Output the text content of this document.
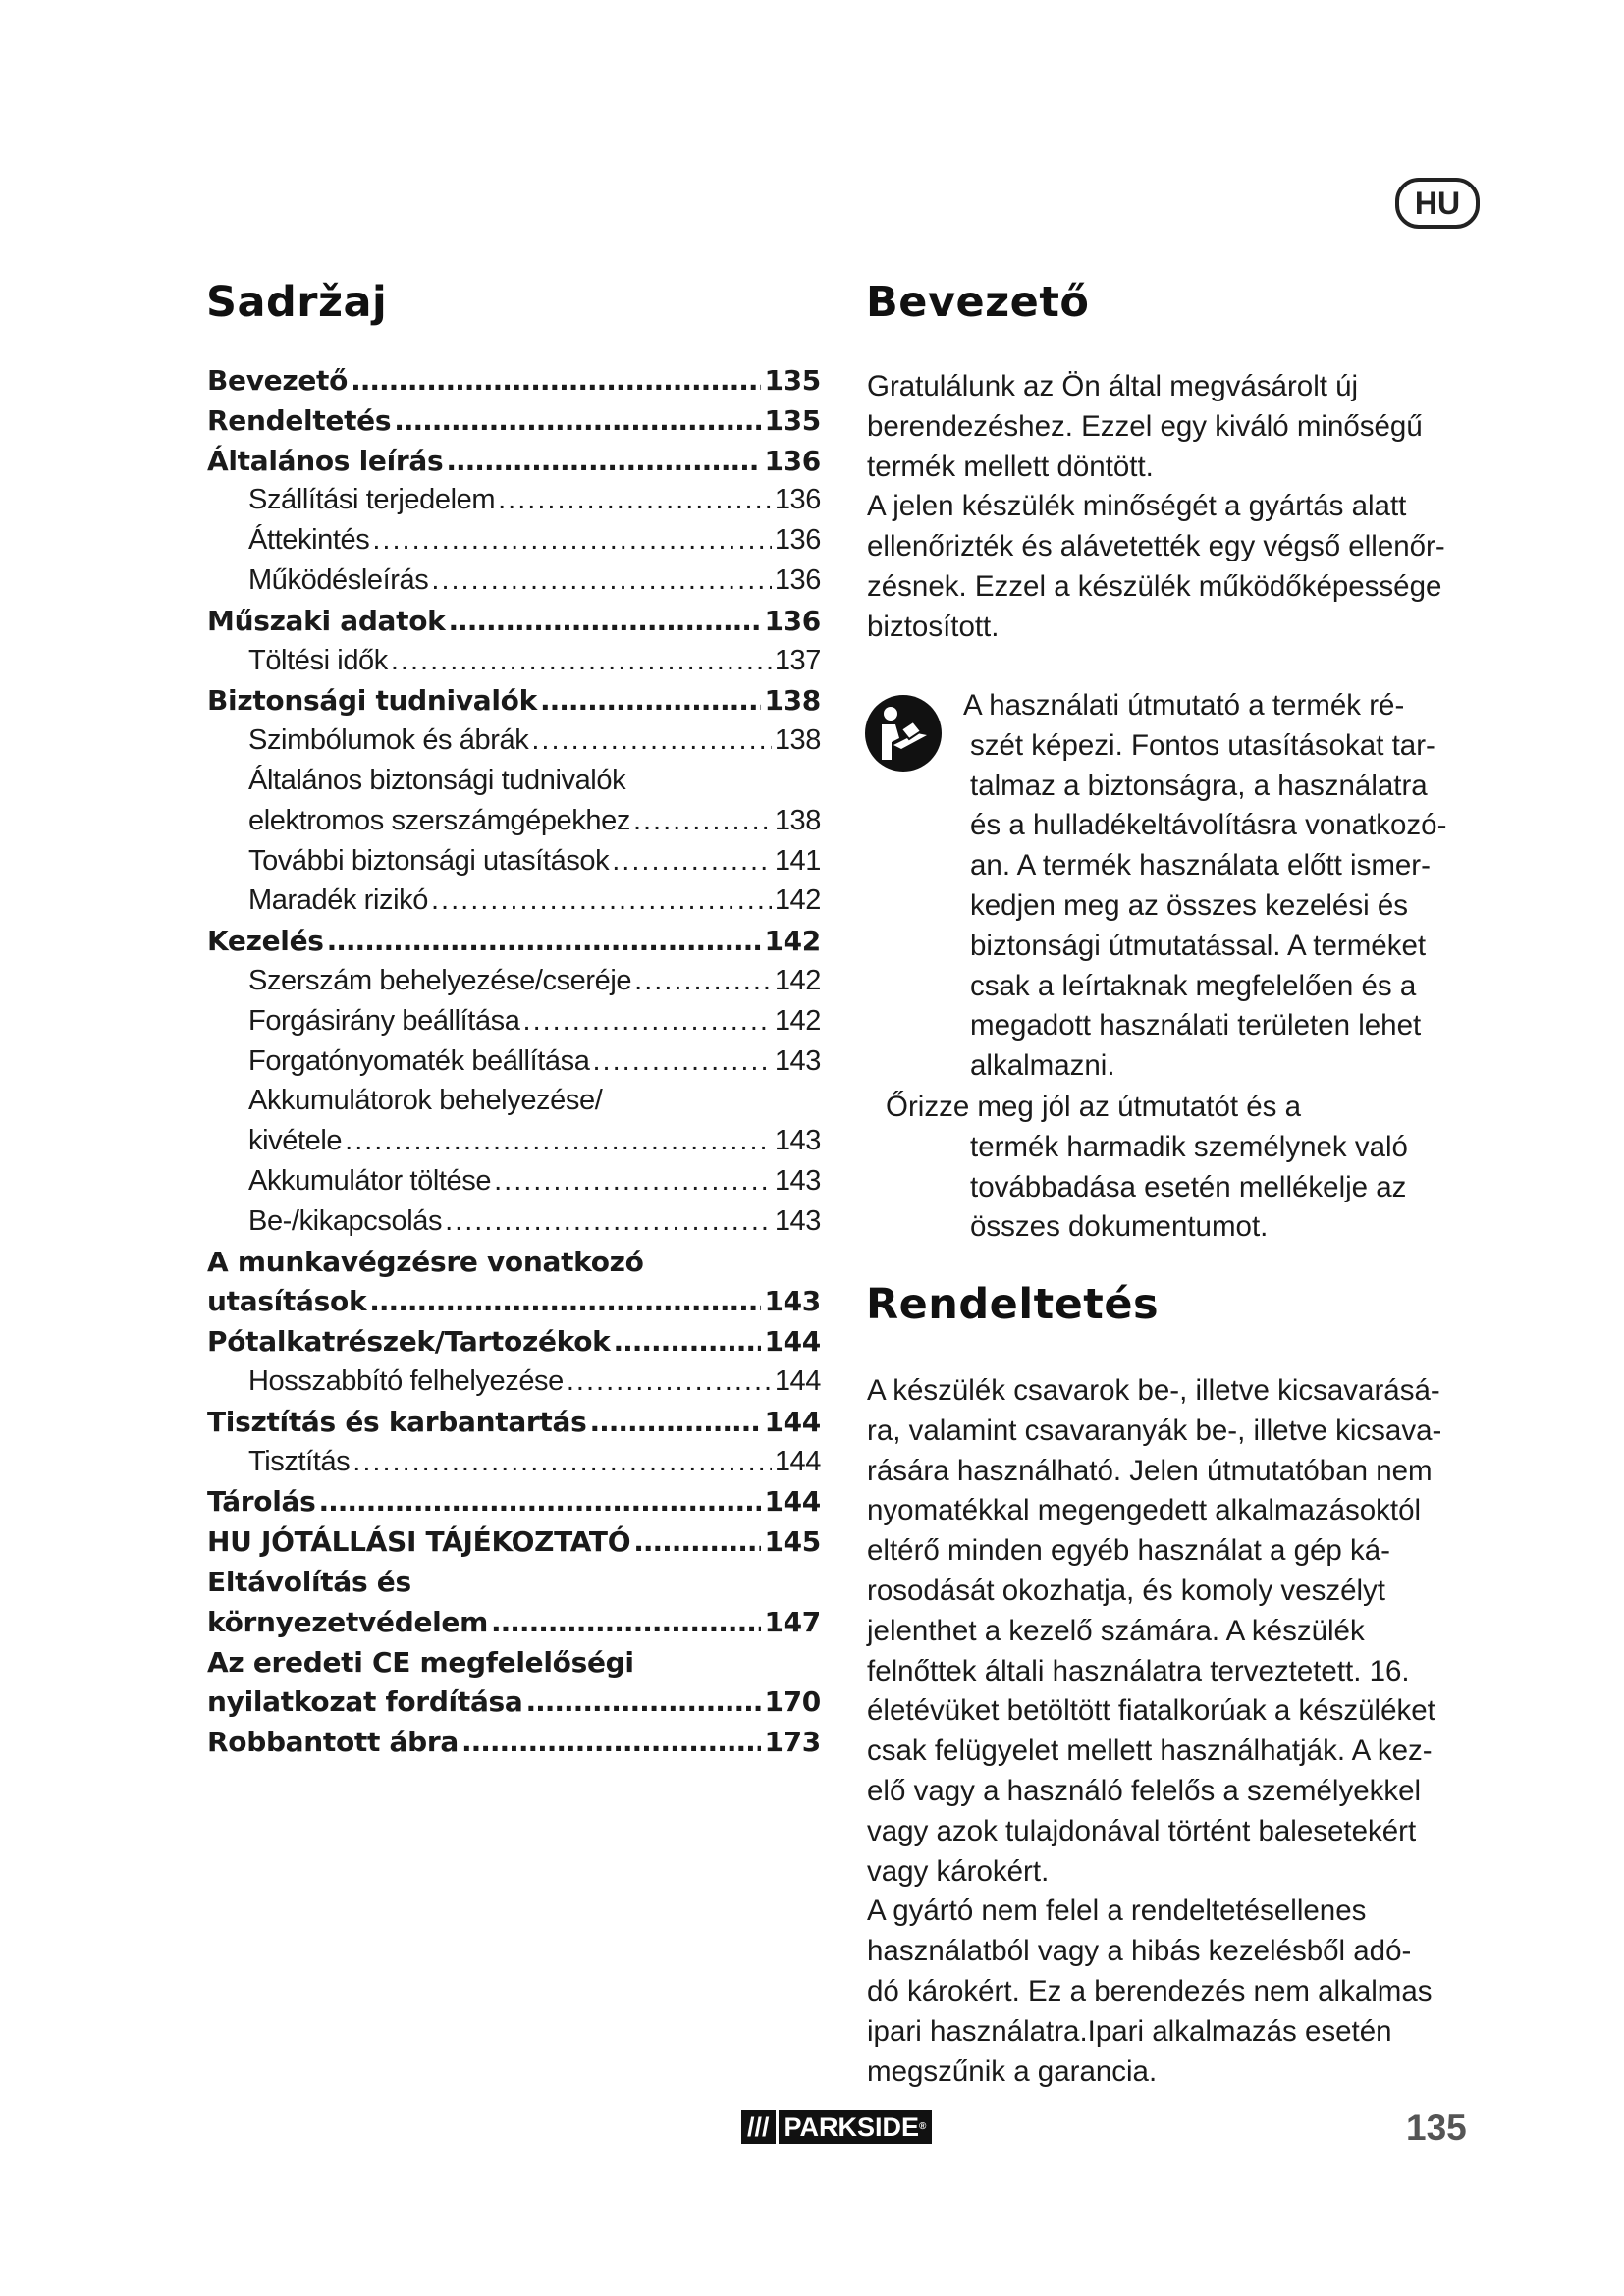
HU
Sadržaj
Bevezető .....	135
Rendeltetés .....	135
Általános leírás .....	136
Szállítási terjedelem .....	136
Áttekintés .....	136
Működésleírás .....	136
Műszaki adatok .....	136
Töltési idők .....	137
Biztonsági tudnivalók .....	138
Szimbólumok és ábrák .....	138
Általános biztonsági tudnivalók
elektromos szerszámgépekhez .....	138
További biztonsági utasítások .....	141
Maradék rizikó .....	142
Kezelés .....	142
Szerszám behelyezése/cseréje .....	142
Forgásirány beállítása .....	142
Forgatónyomaték beállítása .....	143
Akkumulátorok behelyezése/
kivétele .....	143
Akkumulátor töltése .....	143
Be-/kikapcsolás .....	143
A munkavégzésre vonatkozó
utasítások .....	143
Pótalkatrészek/Tartozékok .....	144
Hosszabbító felhelyezése .....	144
Tisztítás és karbantartás .....	144
Tisztítás .....	144
Tárolás .....	144
HU JÓTÁLLÁSI TÁJÉKOZTATÓ .....	145
Eltávolítás és
környezetvédelem .....	147
Az eredeti CE megfelelőségi
nyilatkozat fordítása .....	170
Robbantott ábra .....	173
Bevezető
Gratulálunk az Ön által megvásárolt új
berendezéshez. Ezzel egy kiváló minőségű
termék mellett döntött.
A jelen készülék minőségét a gyártás alatt
ellenőrizték és alávetették egy végső ellenőr-
zésnek. Ezzel a készülék működőképessége
biztosított.
A használati útmutató a termék ré-
szét képezi. Fontos utasításokat tar-
talmaz a biztonságra, a használatra
és a hulladékeltávolításra vonatkozó-
an. A termék használata előtt ismer-
kedjen meg az összes kezelési és
biztonsági útmutatással. A terméket
csak a leírtaknak megfelelően és a
megadott használati területen lehet
alkalmazni.
Őrizze meg jól az útmutatót és a
termék harmadik személynek való
továbbadása esetén mellékelje az
összes dokumentumot.
Rendeltetés
A készülék csavarok be-, illetve kicsavarásá-
ra, valamint csavaranyák be-, illetve kicsava-
rására használható. Jelen útmutatóban nem
nyomatékkal megengedett alkalmazásoktól
eltérő minden egyéb használat a gép ká-
rosodását okozhatja, és komoly veszélyt
jelenthet a kezelő számára. A készülék
felnőttek általi használatra terveztetett. 16.
életévüket betöltött fiatalkorúak a készüléket
csak felügyelet mellett használhatják. A kez-
elő vagy a használó felelős a személyekkel
vagy azok tulajdonával történt balesetekért
vagy károkért.
A gyártó nem felel a rendeltetésellenes
használatból vagy a hibás kezelésből adó-
dó károkért. Ez a berendezés nem alkalmas
ipari használatra.Ipari alkalmazás esetén
megszűnik a garancia.
/// PARKSIDE®	135
